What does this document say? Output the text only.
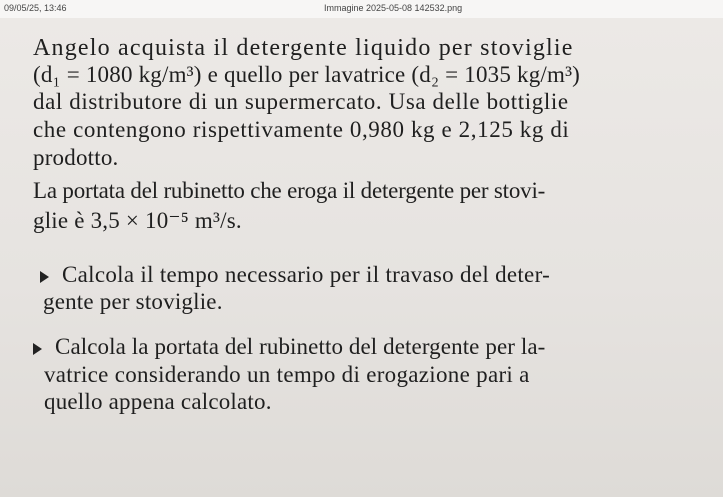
09/05/25, 13:46	Immagine 2025-05-08 142532.png
Angelo acquista il detergente liquido per stoviglie
(d₁ = 1080 kg/m³) e quello per lavatrice (d₂ = 1035 kg/m³)
dal distributore di un supermercato. Usa delle bottiglie
che contengono rispettivamente 0,980 kg e 2,125 kg di
prodotto.
La portata del rubinetto che eroga il detergente per stovi-
glie è 3,5 × 10⁻⁵ m³/s.
Calcola il tempo necessario per il travaso del deter-
gente per stoviglie.
Calcola la portata del rubinetto del detergente per la-
vatrice considerando un tempo di erogazione pari a
quello appena calcolato.
